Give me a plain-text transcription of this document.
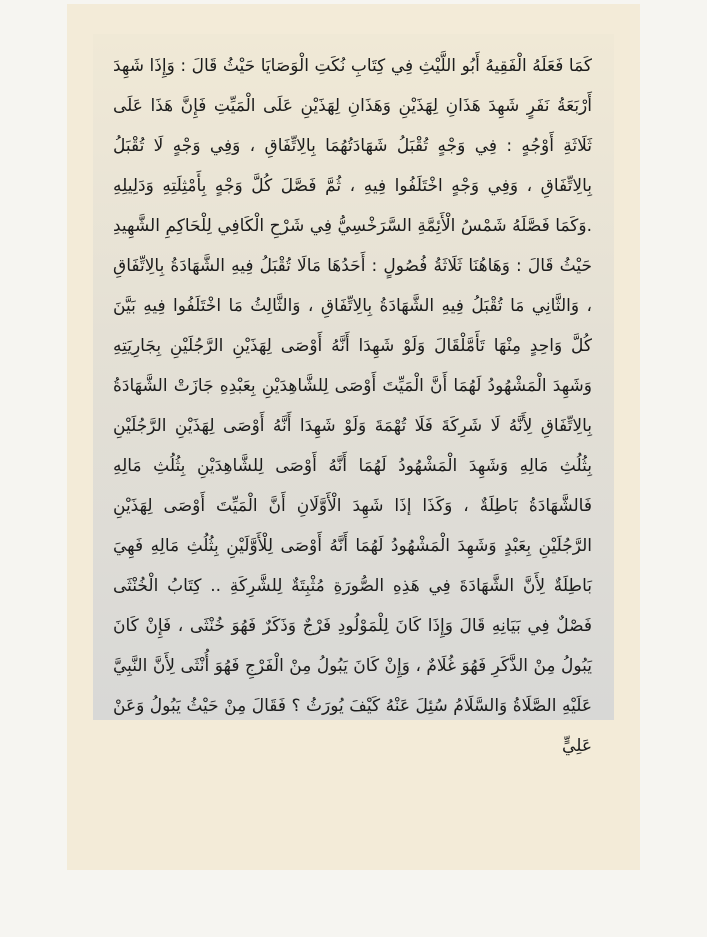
كَمَا فَعَلَهُ الْفَقِيهُ أَبُو اللَّيْثِ فِي كِتَابِ نُكَتِ الْوَصَايَا حَيْثُ قَالَ : وَإِذَا شَهِدَ أَرْبَعَةُ نَفَرٍ شَهِدَ هَذَانِ لِهَذَيْنِ وَهَذَانِ لِهَذَيْنِ عَلَى الْمَيِّتِ فَإِنَّ هَذَا عَلَى ثَلَاثَةِ أَوْجُهٍ : فِي وَجْهٍ تُقْبَلُ شَهَادَتُهُمَا بِالِاتِّفَاقِ ، وَفِي وَجْهٍ لَا تُقْبَلُ بِالِاتِّفَاقِ ، وَفِي وَجْهٍ اخْتَلَفُوا فِيهِ ، ثُمَّ فَصَّلَ كُلَّ وَجْهٍ بِأَمْثِلَتِهِ وَدَلِيلِهِ .وَكَمَا فَصَّلَهُ شَمْسُ الْأَئِمَّةِ السَّرَخْسِيُّ فِي شَرْحِ الْكَافِي لِلْحَاكِمِ الشَّهِيدِ حَيْثُ قَالَ : وَهَاهُنَا ثَلَاثَةُ فُصُولٍ : أَحَدُهَا مَالَا تُقْبَلُ فِيهِ الشَّهَادَةُ بِالِاتِّفَاقِ ، وَالثَّانِي مَا تُقْبَلُ فِيهِ الشَّهَادَةُ بِالِاتِّفَاقِ ، وَالثَّالِثُ مَا اخْتَلَفُوا فِيهِ بَيَّنَ كُلَّ وَاحِدٍ مِنْهَا تَأَمَّلْقَالَ وَلَوْ شَهِدَا أَنَّهُ أَوْصَى لِهَذَيْنِ الرَّجُلَيْنِ بِجَارِيَتِهِ وَشَهِدَ الْمَشْهُودُ لَهُمَا أَنَّ الْمَيِّتَ أَوْصَى لِلشَّاهِدَيْنِ بِعَبْدِهِ جَازَتْ الشَّهَادَةُ بِالِاتِّفَاقِ لِأَنَّهُ لَا شَرِكَةَ فَلَا تُهْمَةَ وَلَوْ شَهِدَا أَنَّهُ أَوْصَى لِهَذَيْنِ الرَّجُلَيْنِ بِثُلُثِ مَالِهِ وَشَهِدَ الْمَشْهُودُ لَهُمَا أَنَّهُ أَوْصَى لِلشَّاهِدَيْنِ بِثُلُثِ مَالِهِ فَالشَّهَادَةُ بَاطِلَةٌ ، وَكَذَا إذَا شَهِدَ الْأَوَّلَانِ أَنَّ الْمَيِّتَ أَوْصَى لِهَذَيْنِ الرَّجُلَيْنِ بِعَبْدٍ وَشَهِدَ الْمَشْهُودُ لَهُمَا أَنَّهُ أَوْصَى لِلْأَوَّلَيْنِ بِثُلُثِ مَالِهِ فَهِيَ بَاطِلَةٌ لِأَنَّ الشَّهَادَةَ فِي هَذِهِ الصُّورَةِ مُثْبِتَةٌ لِلشَّرِكَةِ .. كِتَابُ الْخُنْثَى فَصْلٌ فِي بَيَانِهِ قَالَ وَإِذَا كَانَ لِلْمَوْلُودِ فَرْجٌ وَذَكَرٌ فَهُوَ خُنْثَى ، فَإِنْ كَانَ يَبُولُ مِنْ الذَّكَرِ فَهُوَ غُلَامٌ ، وَإِنْ كَانَ يَبُولُ مِنْ الْفَرْجِ فَهُوَ أُنْثَى لِأَنَّ النَّبِيَّ عَلَيْهِ الصَّلَاةُ وَالسَّلَامُ سُئِلَ عَنْهُ كَيْفَ يُورَثُ ؟ فَقَالَ مِنْ حَيْثُ يَبُولُ وَعَنْ عَلِيٍّ
